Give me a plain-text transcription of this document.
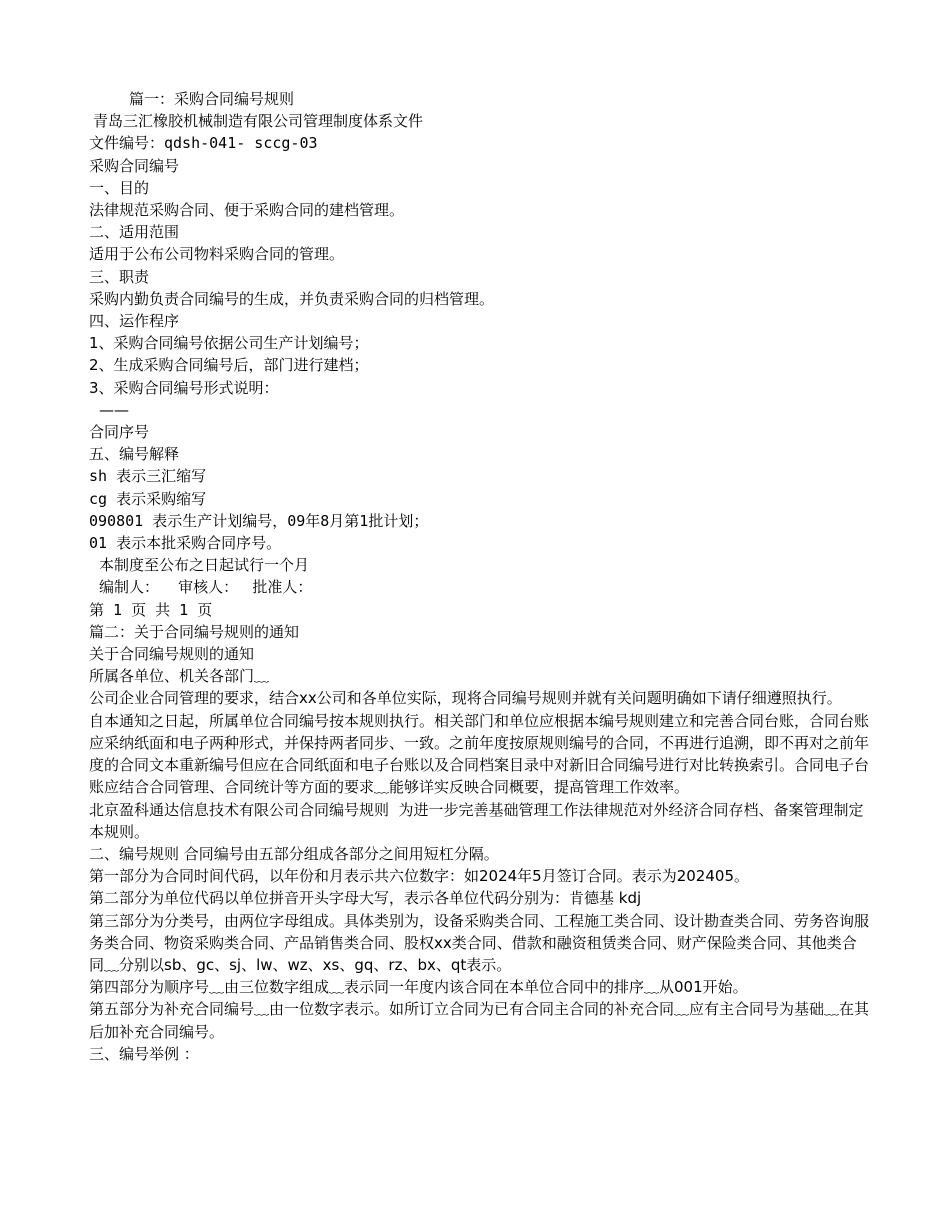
篇一：采购合同编号规则
青岛三汇橡胶机械制造有限公司管理制度体系文件
文件编号：qdsh-041- sccg-03
采购合同编号
一、目的
法律规范采购合同、便于采购合同的建档管理。
二、适用范围
适用于公布公司物料采购合同的管理。
三、职责
采购内勤负责合同编号的生成，并负责采购合同的归档管理。
四、运作程序
1、采购合同编号依据公司生产计划编号；
2、生成采购合同编号后，部门进行建档；
3、采购合同编号形式说明：
——
合同序号
五、编号解释
sh 表示三汇缩写
cg 表示采购缩写
090801 表示生产计划编号，09年8月第1批计划；
01 表示本批采购合同序号。
本制度至公布之日起试行一个月
编制人：    审核人：   批准人：
第 1 页 共 1 页
篇二：关于合同编号规则的通知
关于合同编号规则的通知
所属各单位、机关各部门﹏
公司企业合同管理的要求，结合xx公司和各单位实际，现将合同编号规则并就有关问题明确如下请仔细遵照执行。
自本通知之日起，所属单位合同编号按本规则执行。相关部门和单位应根据本编号规则建立和完善合同台账，合同台账应采纳纸面和电子两种形式，并保持两者同步、一致。之前年度按原规则编号的合同，不再进行追溯，即不再对之前年度的合同文本重新编号但应在合同纸面和电子台账以及合同档案目录中对新旧合同编号进行对比转换索引。合同电子台账应结合合同管理、合同统计等方面的要求﹏能够详实反映合同概要，提高管理工作效率。
北京盈科通达信息技术有限公司合同编号规则  为进一步完善基础管理工作法律规范对外经济合同存档、备案管理制定本规则。
二、编号规则 合同编号由五部分组成各部分之间用短杠分隔。
第一部分为合同时间代码，以年份和月表示共六位数字：如2024年5月签订合同。表示为202405。
第二部分为单位代码以单位拼音开头字母大写，表示各单位代码分别为：肯德基 kdj
第三部分为分类号，由两位字母组成。具体类别为，设备采购类合同、工程施工类合同、设计勘查类合同、劳务咨询服务类合同、物资采购类合同、产品销售类合同、股权xx类合同、借款和融资租赁类合同、财产保险类合同、其他类合同﹏分别以sb、gc、sj、lw、wz、xs、gq、rz、bx、qt表示。
第四部分为顺序号﹏由三位数字组成﹏表示同一年度内该合同在本单位合同中的排序﹏从001开始。
第五部分为补充合同编号﹏由一位数字表示。如所订立合同为已有合同主合同的补充合同﹏应有主合同号为基础﹏在其后加补充合同编号。
三、编号举例 ：
